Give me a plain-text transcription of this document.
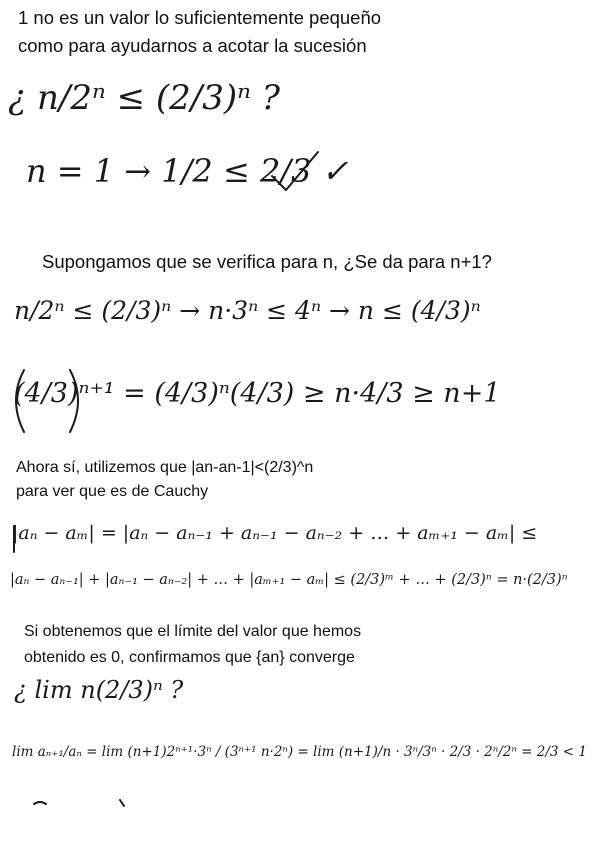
1 no es un valor lo suficientemente pequeño
como para ayudarnos a acotar la sucesión
Supongamos que se verifica para n, ¿Se da para n+1?
Ahora sí, utilizemos que |an-an-1|<(2/3)^n
para ver que es de Cauchy
Si obtenemos que el límite del valor que hemos
obtenido es 0, confirmamos que {an} converge
¿ n/2ⁿ ≤ (2/3)ⁿ ?
n = 1 → 1/2 ≤ 2/3 ✓
n/2ⁿ ≤ (2/3)ⁿ → n·3ⁿ ≤ 4ⁿ → n ≤ (4/3)ⁿ
(4/3)ⁿ⁺¹ = (4/3)ⁿ(4/3) ≥ n·4/3 ≥ n+1
|aₙ − aₘ| = |aₙ − aₙ₋₁ + aₙ₋₁ − aₙ₋₂ + … + aₘ₊₁ − aₘ| ≤
|aₙ − aₙ₋₁| + |aₙ₋₁ − aₙ₋₂| + … + |aₘ₊₁ − aₘ| ≤ (2/3)ᵐ + … + (2/3)ⁿ = n·(2/3)ⁿ
¿ lim n(2/3)ⁿ ?
lim aₙ₊₁/aₙ = lim (n+1)2ⁿ⁺¹·3ⁿ / (3ⁿ⁺¹ n·2ⁿ) = lim (n+1)/n · 3ⁿ/3ⁿ · 2/3 · 2ⁿ/2ⁿ = 2/3 < 1
